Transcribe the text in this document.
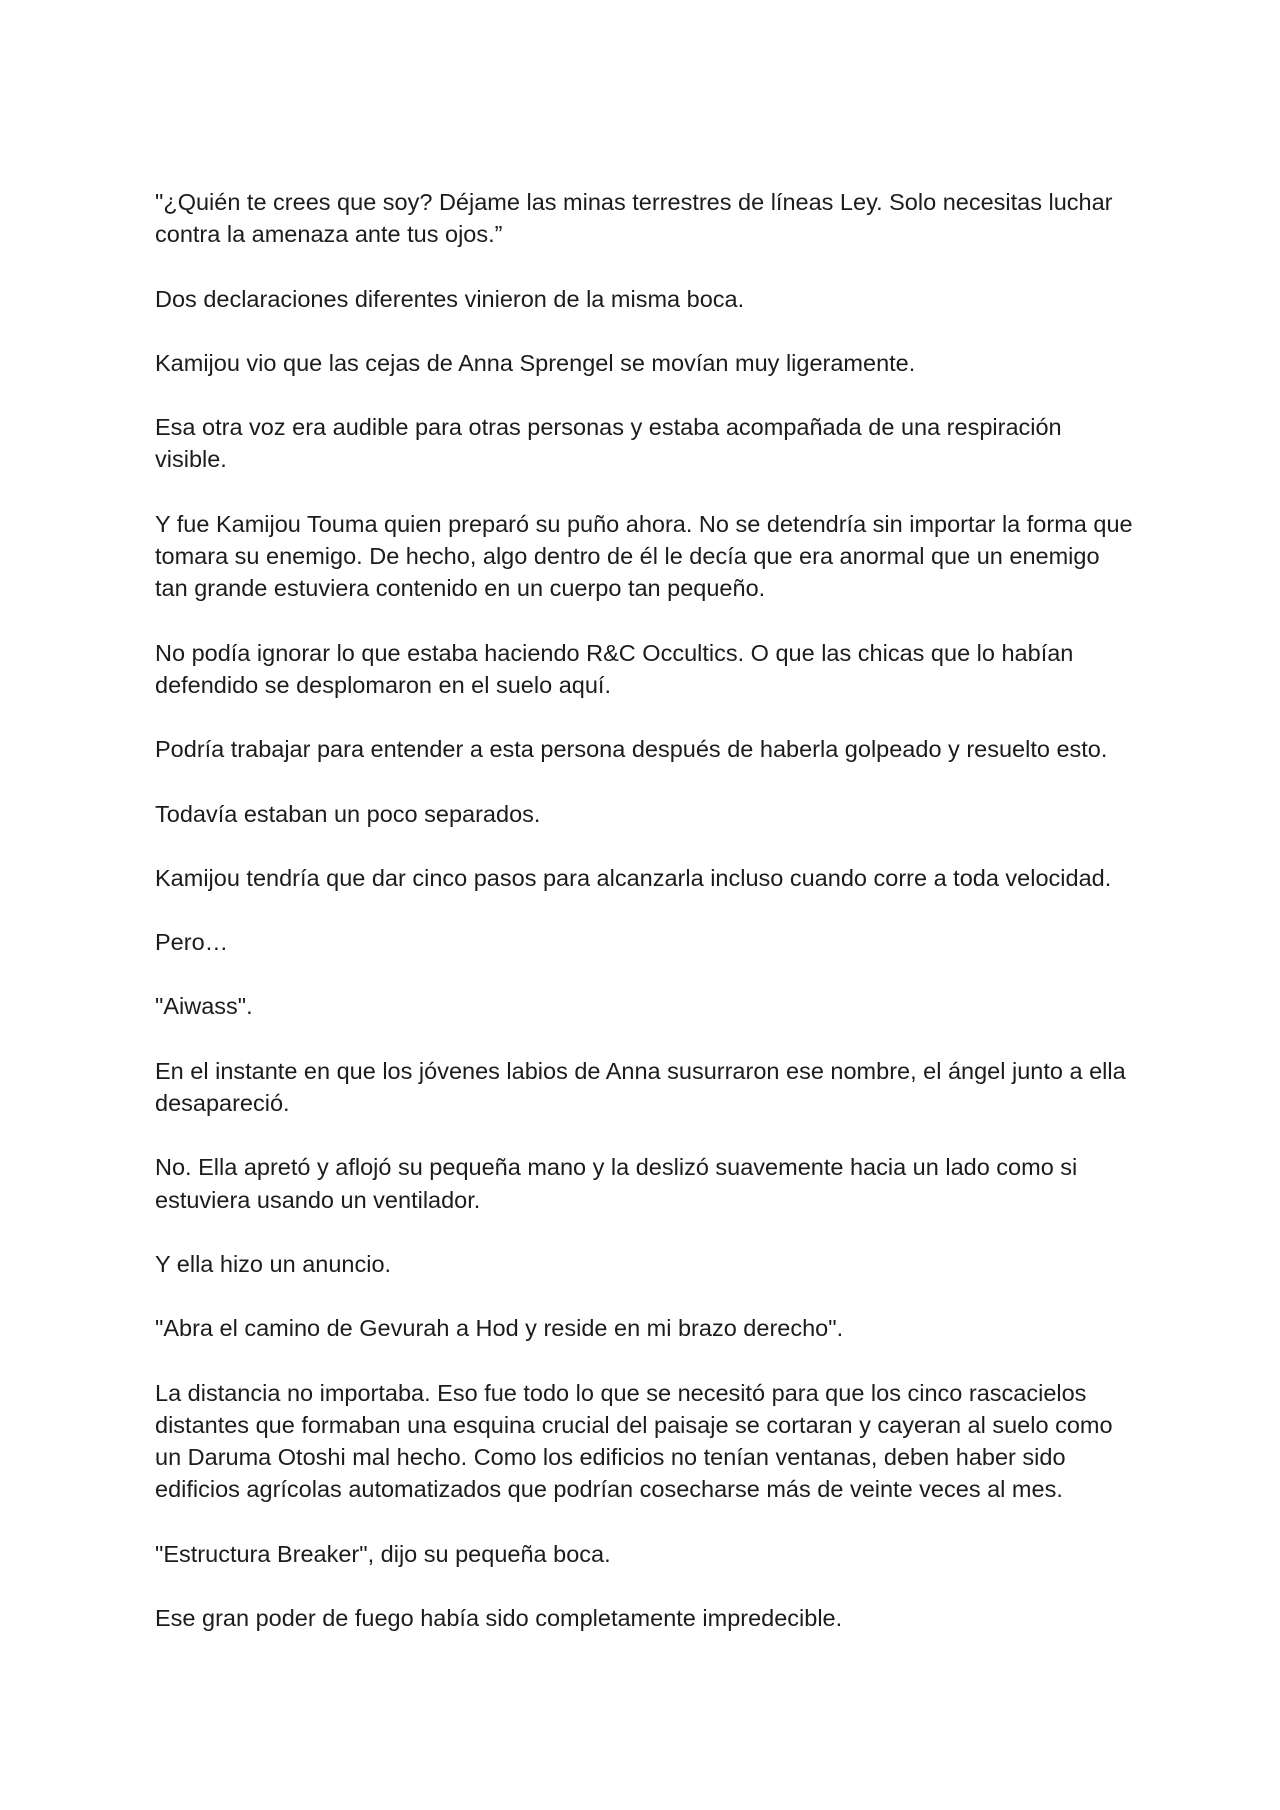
"¿Quién te crees que soy? Déjame las minas terrestres de líneas Ley. Solo necesitas luchar contra la amenaza ante tus ojos.”

Dos declaraciones diferentes vinieron de la misma boca.

Kamijou vio que las cejas de Anna Sprengel se movían muy ligeramente.

Esa otra voz era audible para otras personas y estaba acompañada de una respiración visible.

Y fue Kamijou Touma quien preparó su puño ahora. No se detendría sin importar la forma que tomara su enemigo. De hecho, algo dentro de él le decía que era anormal que un enemigo tan grande estuviera contenido en un cuerpo tan pequeño.

No podía ignorar lo que estaba haciendo R&C Occultics. O que las chicas que lo habían defendido se desplomaron en el suelo aquí.

Podría trabajar para entender a esta persona después de haberla golpeado y resuelto esto.

Todavía estaban un poco separados.

Kamijou tendría que dar cinco pasos para alcanzarla incluso cuando corre a toda velocidad.

Pero…

"Aiwass".

En el instante en que los jóvenes labios de Anna susurraron ese nombre, el ángel junto a ella desapareció.

No. Ella apretó y aflojó su pequeña mano y la deslizó suavemente hacia un lado como si estuviera usando un ventilador.

Y ella hizo un anuncio.

"Abra el camino de Gevurah a Hod y reside en mi brazo derecho".

La distancia no importaba. Eso fue todo lo que se necesitó para que los cinco rascacielos distantes que formaban una esquina crucial del paisaje se cortaran y cayeran al suelo como un Daruma Otoshi mal hecho. Como los edificios no tenían ventanas, deben haber sido edificios agrícolas automatizados que podrían cosecharse más de veinte veces al mes.

"Estructura Breaker", dijo su pequeña boca.

Ese gran poder de fuego había sido completamente impredecible.
